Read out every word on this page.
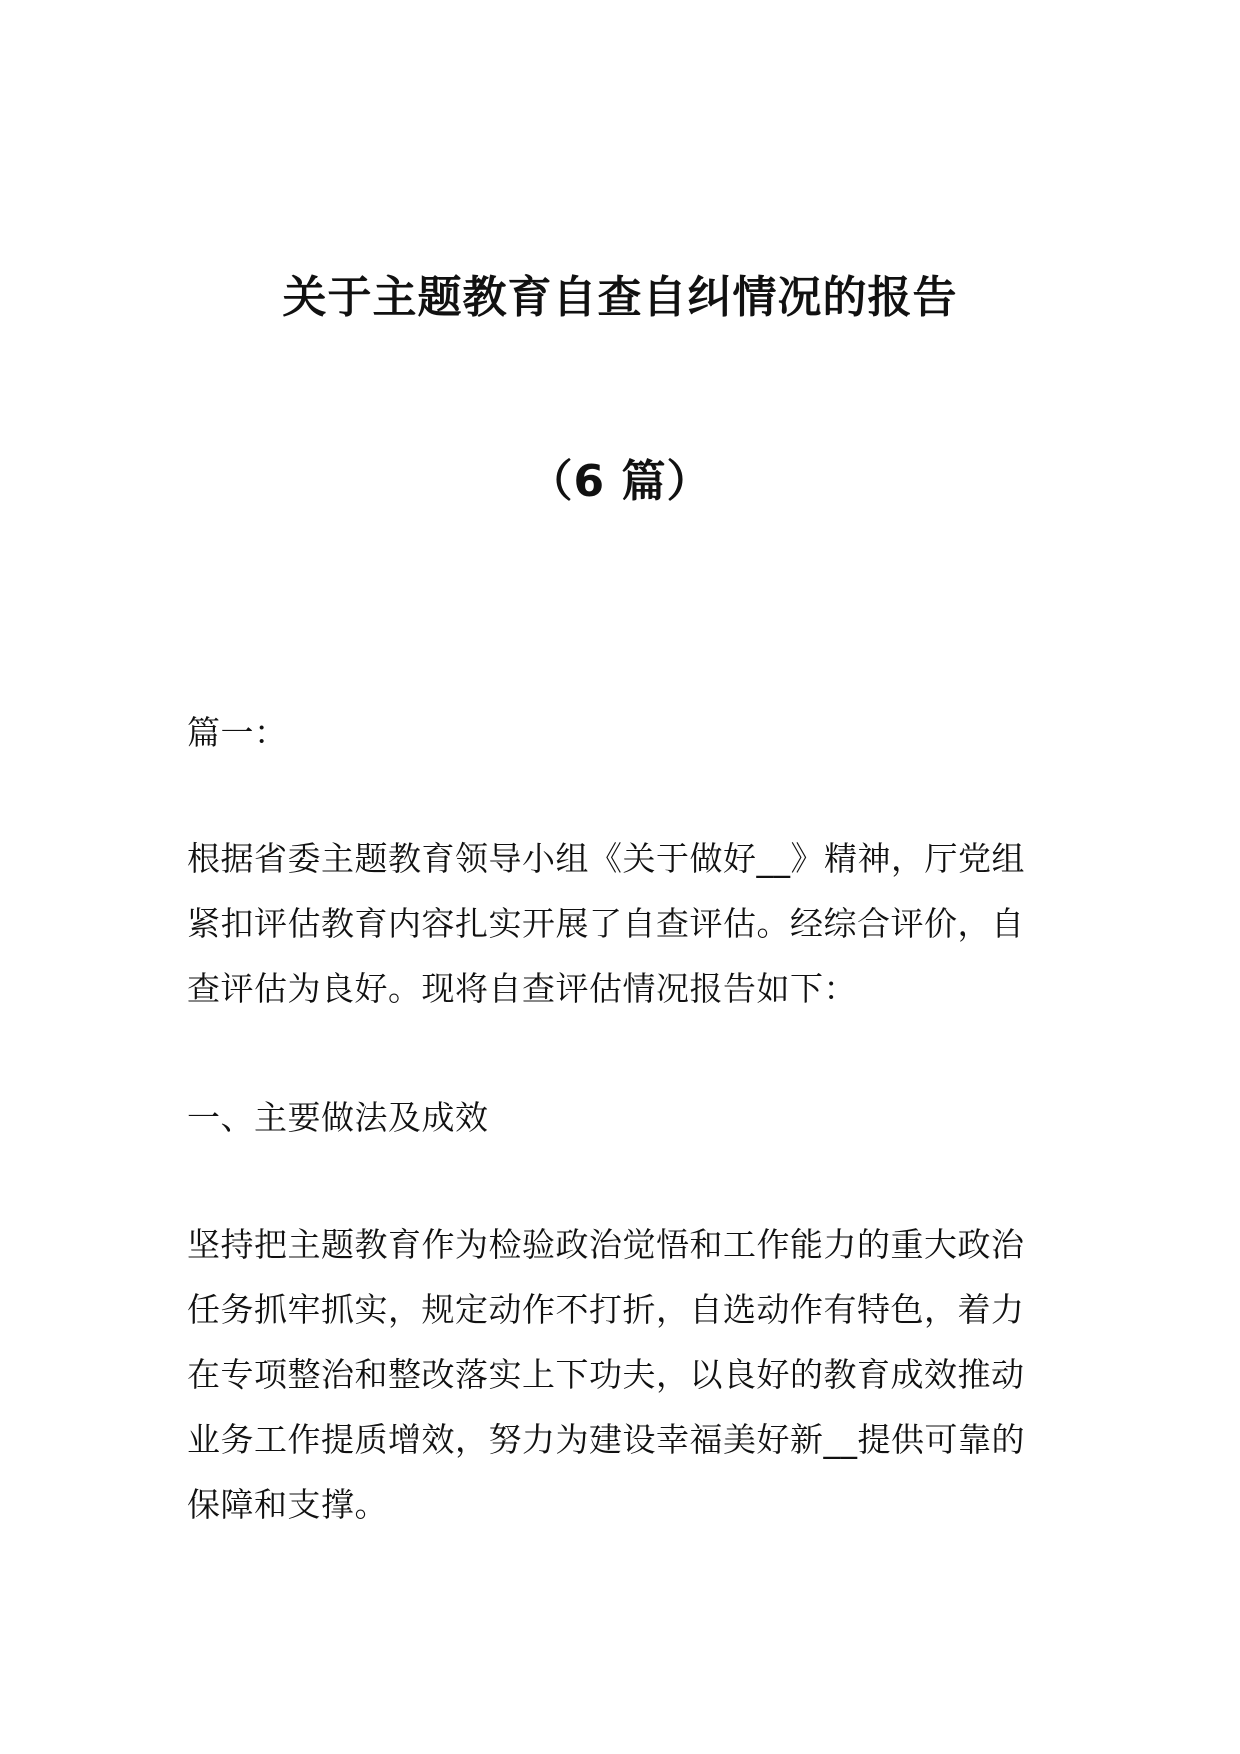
关于主题教育自查自纠情况的报告
（6 篇）

篇一：

根据省委主题教育领导小组《关于做好__》精神，厅党组紧扣评估教育内容扎实开展了自查评估。经综合评价，自查评估为良好。现将自查评估情况报告如下：

一、主要做法及成效

坚持把主题教育作为检验政治觉悟和工作能力的重大政治任务抓牢抓实，规定动作不打折，自选动作有特色，着力在专项整治和整改落实上下功夫，以良好的教育成效推动业务工作提质增效，努力为建设幸福美好新__提供可靠的保障和支撑。
